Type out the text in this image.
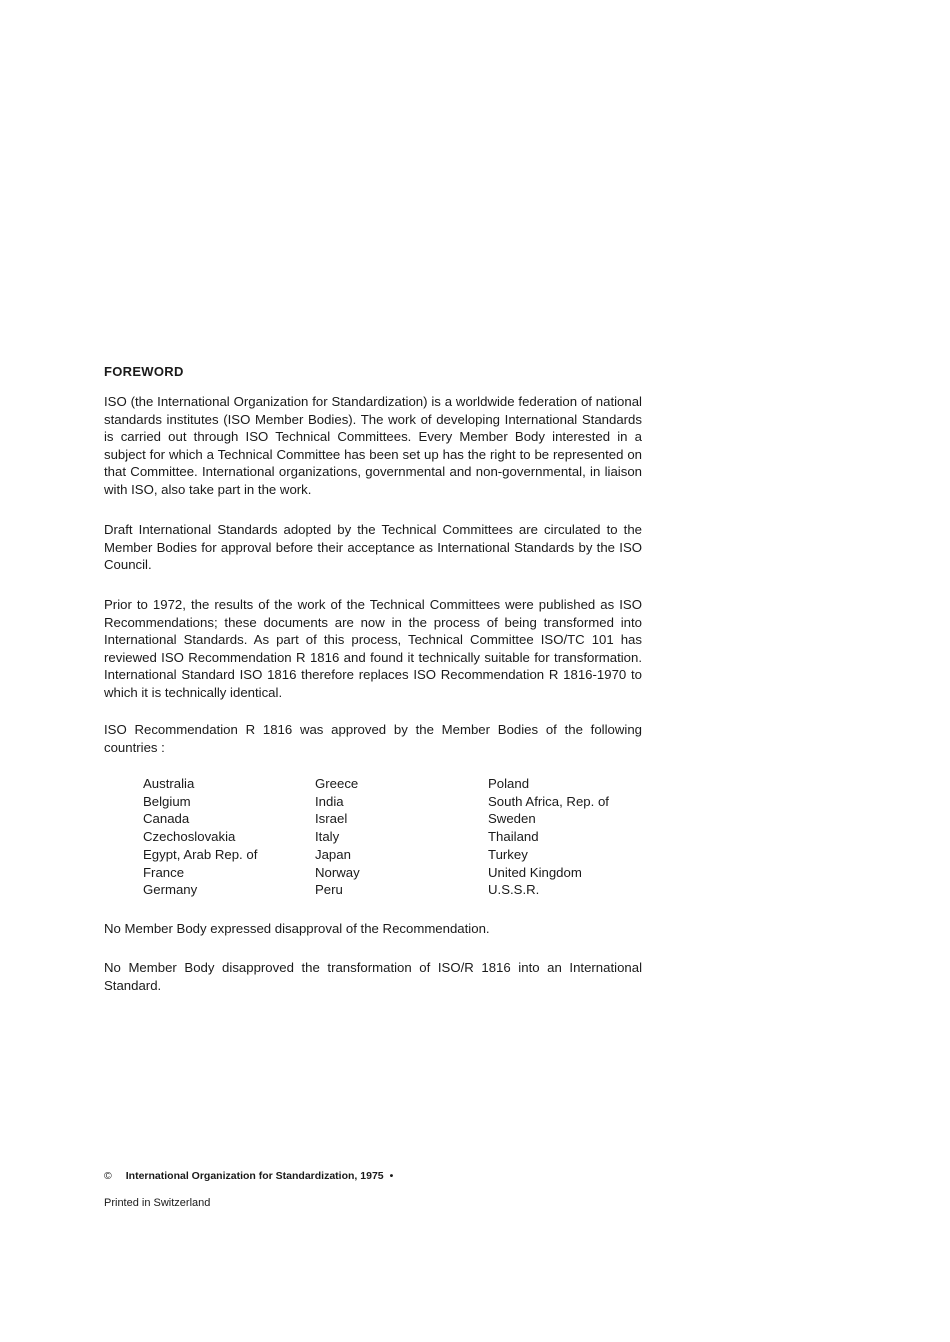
FOREWORD

ISO (the International Organization for Standardization) is a worldwide federation of national standards institutes (ISO Member Bodies). The work of developing International Standards is carried out through ISO Technical Committees. Every Member Body interested in a subject for which a Technical Committee has been set up has the right to be represented on that Committee. International organizations, governmental and non-governmental, in liaison with ISO, also take part in the work.

Draft International Standards adopted by the Technical Committees are circulated to the Member Bodies for approval before their acceptance as International Standards by the ISO Council.

Prior to 1972, the results of the work of the Technical Committees were published as ISO Recommendations; these documents are now in the process of being transformed into International Standards. As part of this process, Technical Committee ISO/TC 101 has reviewed ISO Recommendation R 1816 and found it technically suitable for transformation. International Standard ISO 1816 therefore replaces ISO Recommendation R 1816-1970 to which it is technically identical.

ISO Recommendation R 1816 was approved by the Member Bodies of the following countries :

Australia
Belgium
Canada
Czechoslovakia
Egypt, Arab Rep. of
France
Germany
Greece
India
Israel
Italy
Japan
Norway
Peru
Poland
South Africa, Rep. of
Sweden
Thailand
Turkey
United Kingdom
U.S.S.R.

No Member Body expressed disapproval of the Recommendation.

No Member Body disapproved the transformation of ISO/R 1816 into an International Standard.

© International Organization for Standardization, 1975 •
Printed in Switzerland
